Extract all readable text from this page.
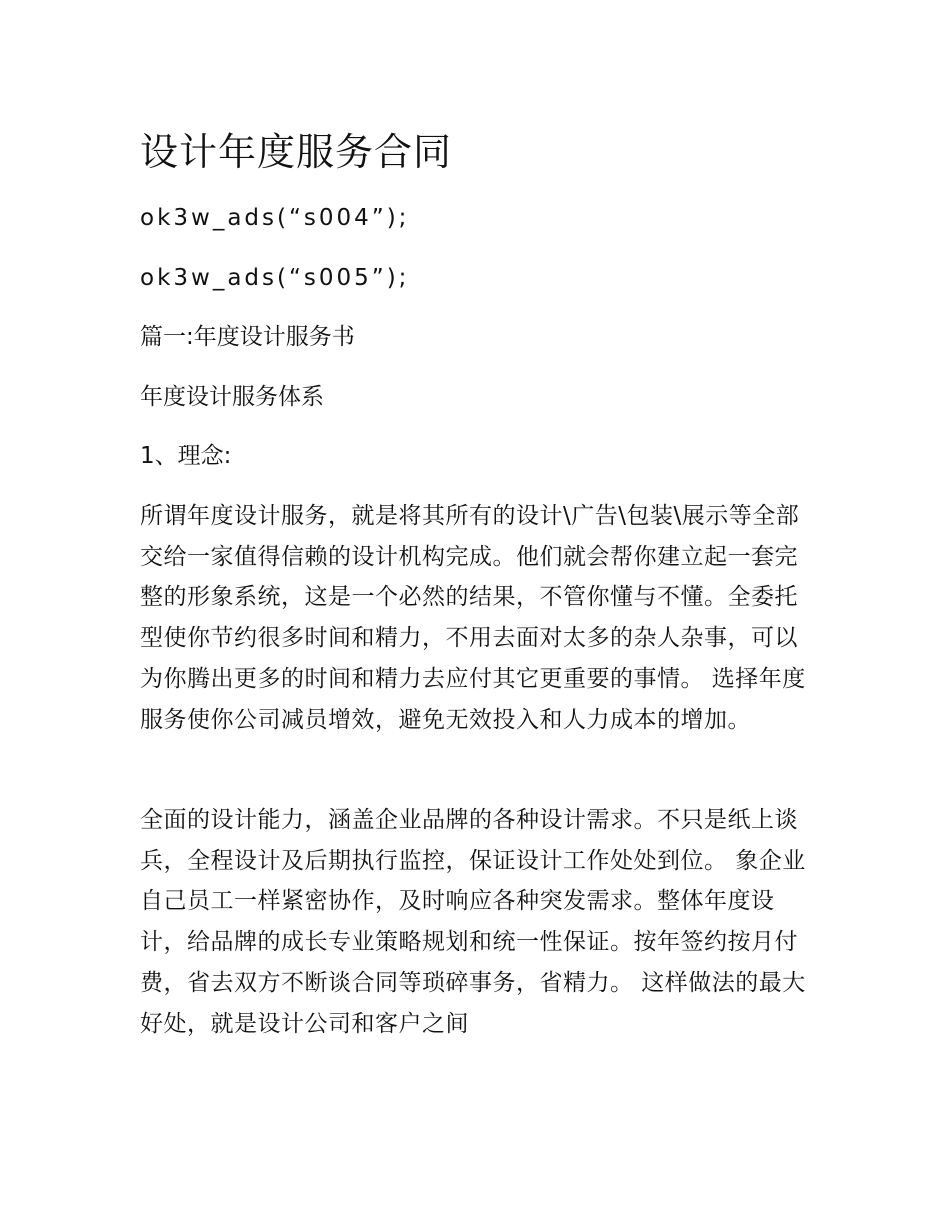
设计年度服务合同

ok3w_ads(“s004”);

ok3w_ads(“s005”);

篇一:年度设计服务书

年度设计服务体系

1、理念:

所谓年度设计服务，就是将其所有的设计\广告\包装\展示等全部交给一家值得信赖的设计机构完成。他们就会帮你建立起一套完整的形象系统，这是一个必然的结果，不管你懂与不懂。全委托型使你节约很多时间和精力，不用去面对太多的杂人杂事，可以为你腾出更多的时间和精力去应付其它更重要的事情。 选择年度服务使你公司减员增效，避免无效投入和人力成本的增加。

全面的设计能力，涵盖企业品牌的各种设计需求。不只是纸上谈兵，全程设计及后期执行监控，保证设计工作处处到位。 象企业自己员工一样紧密协作，及时响应各种突发需求。整体年度设计，给品牌的成长专业策略规划和统一性保证。按年签约按月付费，省去双方不断谈合同等琐碎事务，省精力。 这样做法的最大好处，就是设计公司和客户之间
